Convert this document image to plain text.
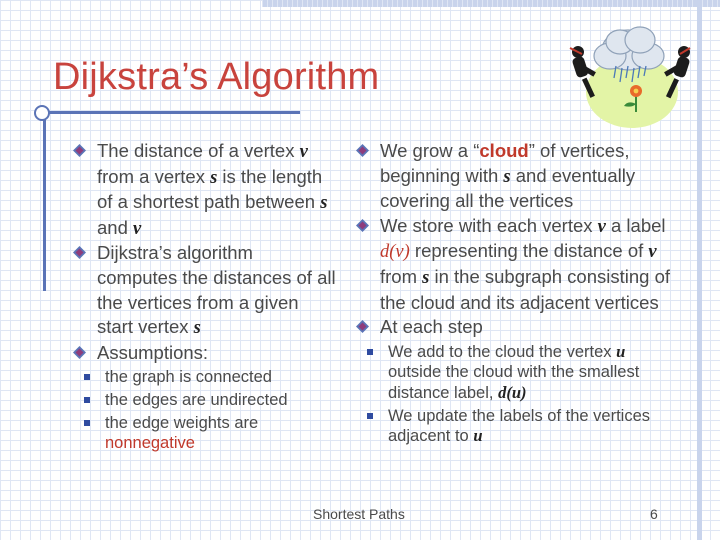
Dijkstra’s Algorithm
The distance of a vertex v from a vertex s is the length of a shortest path between s and v
Dijkstra’s algorithm computes the distances of all the vertices from a given start vertex s
Assumptions:
the graph is connected
the edges are undirected
the edge weights are nonnegative
We grow a “cloud” of vertices, beginning with s and eventually covering all the vertices
We store with each vertex v a label d(v) representing the distance of v from s in the subgraph consisting of the cloud and its adjacent vertices
At each step
We add to the cloud the vertex u outside the cloud with the smallest distance label, d(u)
We update the labels of the vertices adjacent to u
Shortest Paths	6
